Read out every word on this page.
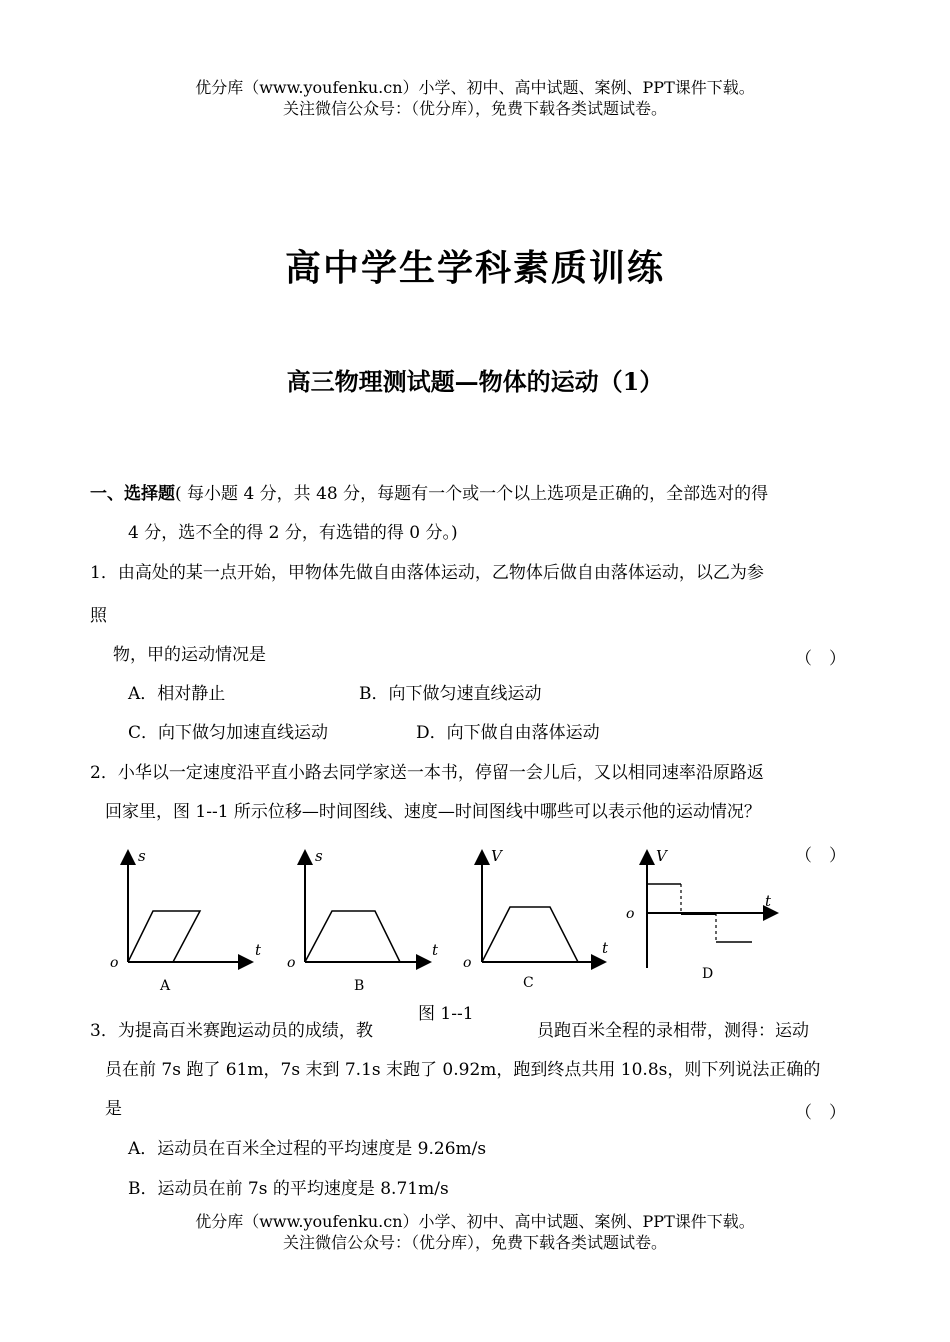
优分库（www.youfenku.cn）小学、初中、高中试题、案例、PPT课件下载。

关注微信公众号：（优分库），免费下载各类试题试卷。

高中学生学科素质训练
高三物理测试题—物体的运动（1）

一、选择题( 每小题 4 分，共 48 分，每题有一个或一个以上选项是正确的，全部选对的得

4 分，选不全的得 2 分，有选错的得 0 分。)

1．由高处的某一点开始，甲物体先做自由落体运动，乙物体后做自由落体运动，以乙为参

照

物，甲的运动情况是	（　）

A．相对静止	B．向下做匀速直线运动

C．向下做匀加速直线运动	D．向下做自由落体运动

2．小华以一定速度沿平直小路去同学家送一本书，停留一会儿后，又以相同速率沿原路返

回家里，图 1--1 所示位移—时间图线、速度—时间图线中哪些可以表示他的运动情况？

（　）
s
t
o
A
s
t
o
B
V
t
o
C
V
t
o
D

图 1--1

3．为提高百米赛跑运动员的成绩，教	员跑百米全程的录相带，测得：运动

员在前 7s 跑了 61m，7s 末到 7.1s 末跑了 0.92m，跑到终点共用 10.8s，则下列说法正确的

是	（　）

A．运动员在百米全过程的平均速度是 9.26m/s

B．运动员在前 7s 的平均速度是 8.71m/s

优分库（www.youfenku.cn）小学、初中、高中试题、案例、PPT课件下载。

关注微信公众号：（优分库），免费下载各类试题试卷。
